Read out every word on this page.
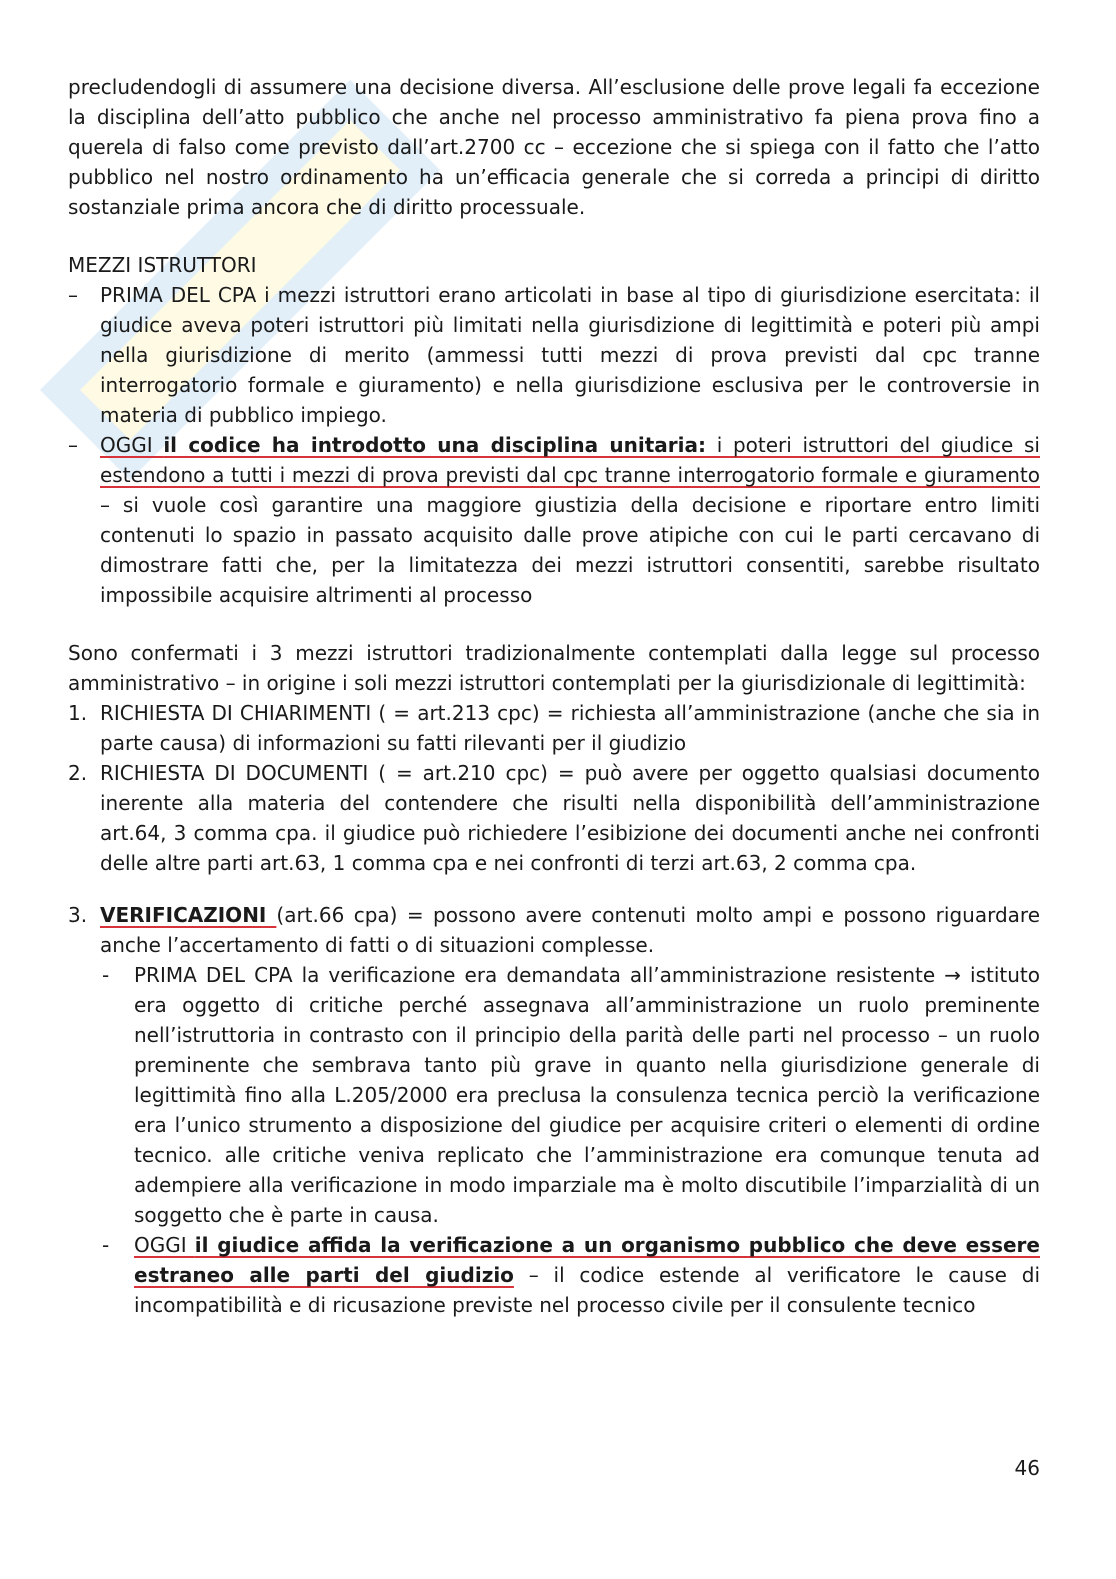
precludendogli di assumere una decisione diversa. All’esclusione delle prove legali fa eccezione la disciplina dell’atto pubblico che anche nel processo amministrativo fa piena prova fino a querela di falso come previsto dall’art.2700 cc – eccezione che si spiega con il fatto che l’atto pubblico nel nostro ordinamento ha un’efficacia generale che si correda a principi di diritto sostanziale prima ancora che di diritto processuale.

MEZZI ISTRUTTORI

– PRIMA DEL CPA i mezzi istruttori erano articolati in base al tipo di giurisdizione esercitata: il giudice aveva poteri istruttori più limitati nella giurisdizione di legittimità e poteri più ampi nella giurisdizione di merito (ammessi tutti mezzi di prova previsti dal cpc tranne interrogatorio formale e giuramento) e nella giurisdizione esclusiva per le controversie in materia di pubblico impiego.
– OGGI il codice ha introdotto una disciplina unitaria: i poteri istruttori del giudice si estendono a tutti i mezzi di prova previsti dal cpc tranne interrogatorio formale e giuramento – si vuole così garantire una maggiore giustizia della decisione e riportare entro limiti contenuti lo spazio in passato acquisito dalle prove atipiche con cui le parti cercavano di dimostrare fatti che, per la limitatezza dei mezzi istruttori consentiti, sarebbe risultato impossibile acquisire altrimenti al processo

Sono confermati i 3 mezzi istruttori tradizionalmente contemplati dalla legge sul processo amministrativo – in origine i soli mezzi istruttori contemplati per la giurisdizionale di legittimità:

1. RICHIESTA DI CHIARIMENTI ( = art.213 cpc) = richiesta all’amministrazione (anche che sia in parte causa) di informazioni su fatti rilevanti per il giudizio
2. RICHIESTA DI DOCUMENTI ( = art.210 cpc) = può avere per oggetto qualsiasi documento inerente alla materia del contendere che risulti nella disponibilità dell’amministrazione art.64, 3 comma cpa. il giudice può richiedere l’esibizione dei documenti anche nei confronti delle altre parti art.63, 1 comma cpa e nei confronti di terzi art.63, 2 comma cpa.
3. VERIFICAZIONI (art.66 cpa) = possono avere contenuti molto ampi e possono riguardare anche l’accertamento di fatti o di situazioni complesse.
- PRIMA DEL CPA la verificazione era demandata all’amministrazione resistente → istituto era oggetto di critiche perché assegnava all’amministrazione un ruolo preminente nell’istruttoria in contrasto con il principio della parità delle parti nel processo – un ruolo preminente che sembrava tanto più grave in quanto nella giurisdizione generale di legittimità fino alla L.205/2000 era preclusa la consulenza tecnica perciò la verificazione era l’unico strumento a disposizione del giudice per acquisire criteri o elementi di ordine tecnico. alle critiche veniva replicato che l’amministrazione era comunque tenuta ad adempiere alla verificazione in modo imparziale ma è molto discutibile l’imparzialità di un soggetto che è parte in causa.
- OGGI il giudice affida la verificazione a un organismo pubblico che deve essere estraneo alle parti del giudizio – il codice estende al verificatore le cause di incompatibilità e di ricusazione previste nel processo civile per il consulente tecnico
46
